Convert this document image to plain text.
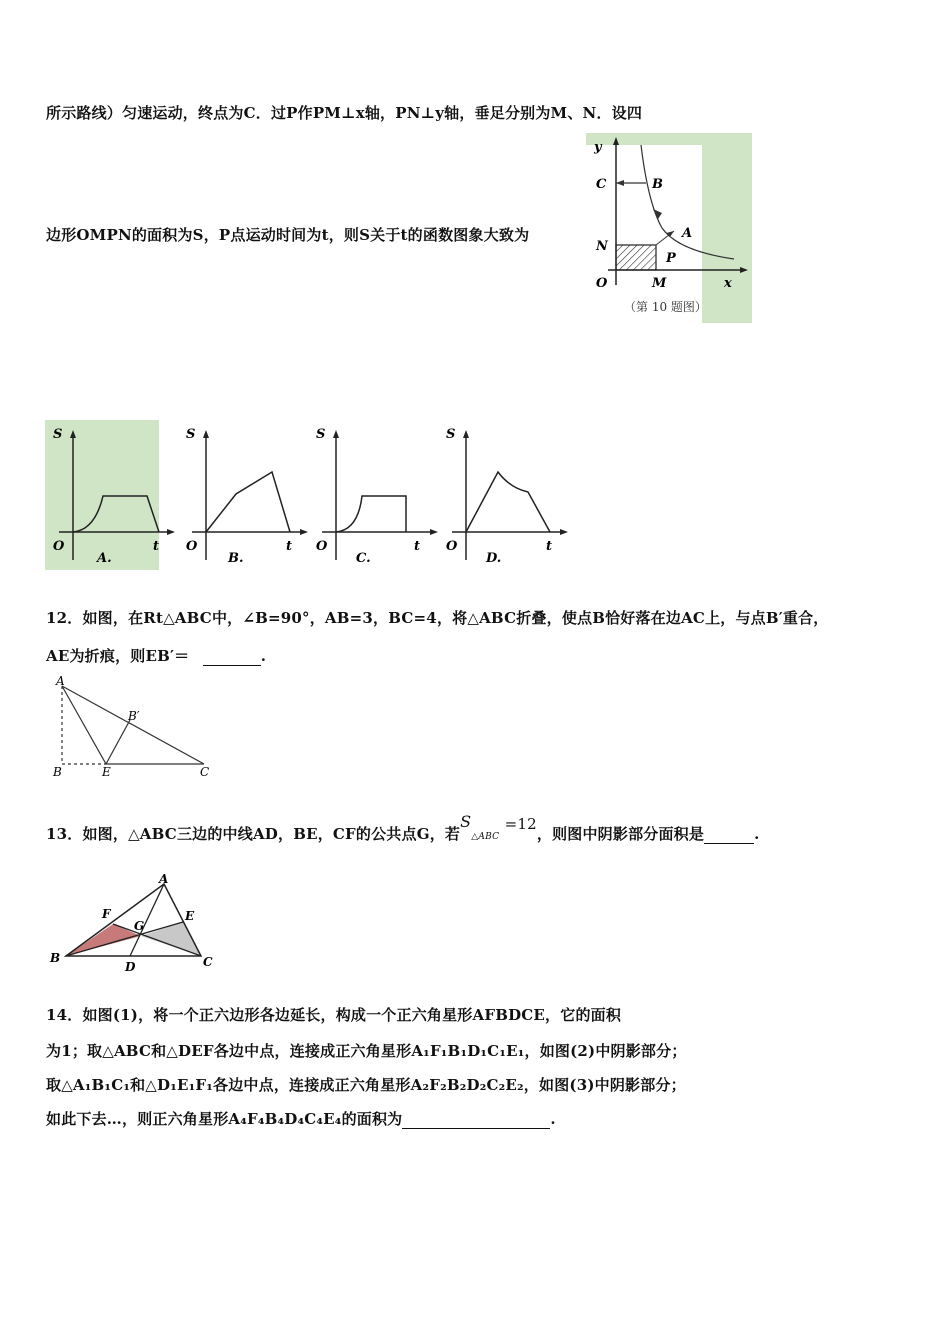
所示路线）匀速运动，终点为C．过P作PM⊥x轴，PN⊥y轴，垂足分别为M、N．设四
边形OMPN的面积为S，P点运动时间为t，则S关于t的函数图象大致为
y
C	B
N
A
P
O	M	x
（第 10 题图）
S
O	t
A.
S
O	t
B.
S
O	t
C.
S
O	t
D.
12．如图，在Rt△ABC中，∠B=90°，AB=3，BC=4，将△ABC折叠，使点B恰好落在边AC上，与点B′重合，
AE为折痕，则EB′＝	.
A
B′
B	E	C
13．如图，△ABC三边的中线AD，BE，CF的公共点G，若S△ABC =12，则图中阴影部分面积是	.
A
F
G
E
B
D	C
14．如图(1)，将一个正六边形各边延长，构成一个正六角星形AFBDCE，它的面积
为1；取△ABC和△DEF各边中点，连接成正六角星形A₁F₁B₁D₁C₁E₁，如图(2)中阴影部分；
取△A₁B₁C₁和△D₁E₁F₁各边中点，连接成正六角星形A₂F₂B₂D₂C₂E₂，如图(3)中阴影部分；
如此下去…，则正六角星形A₄F₄B₄D₄C₄E₄的面积为	.
